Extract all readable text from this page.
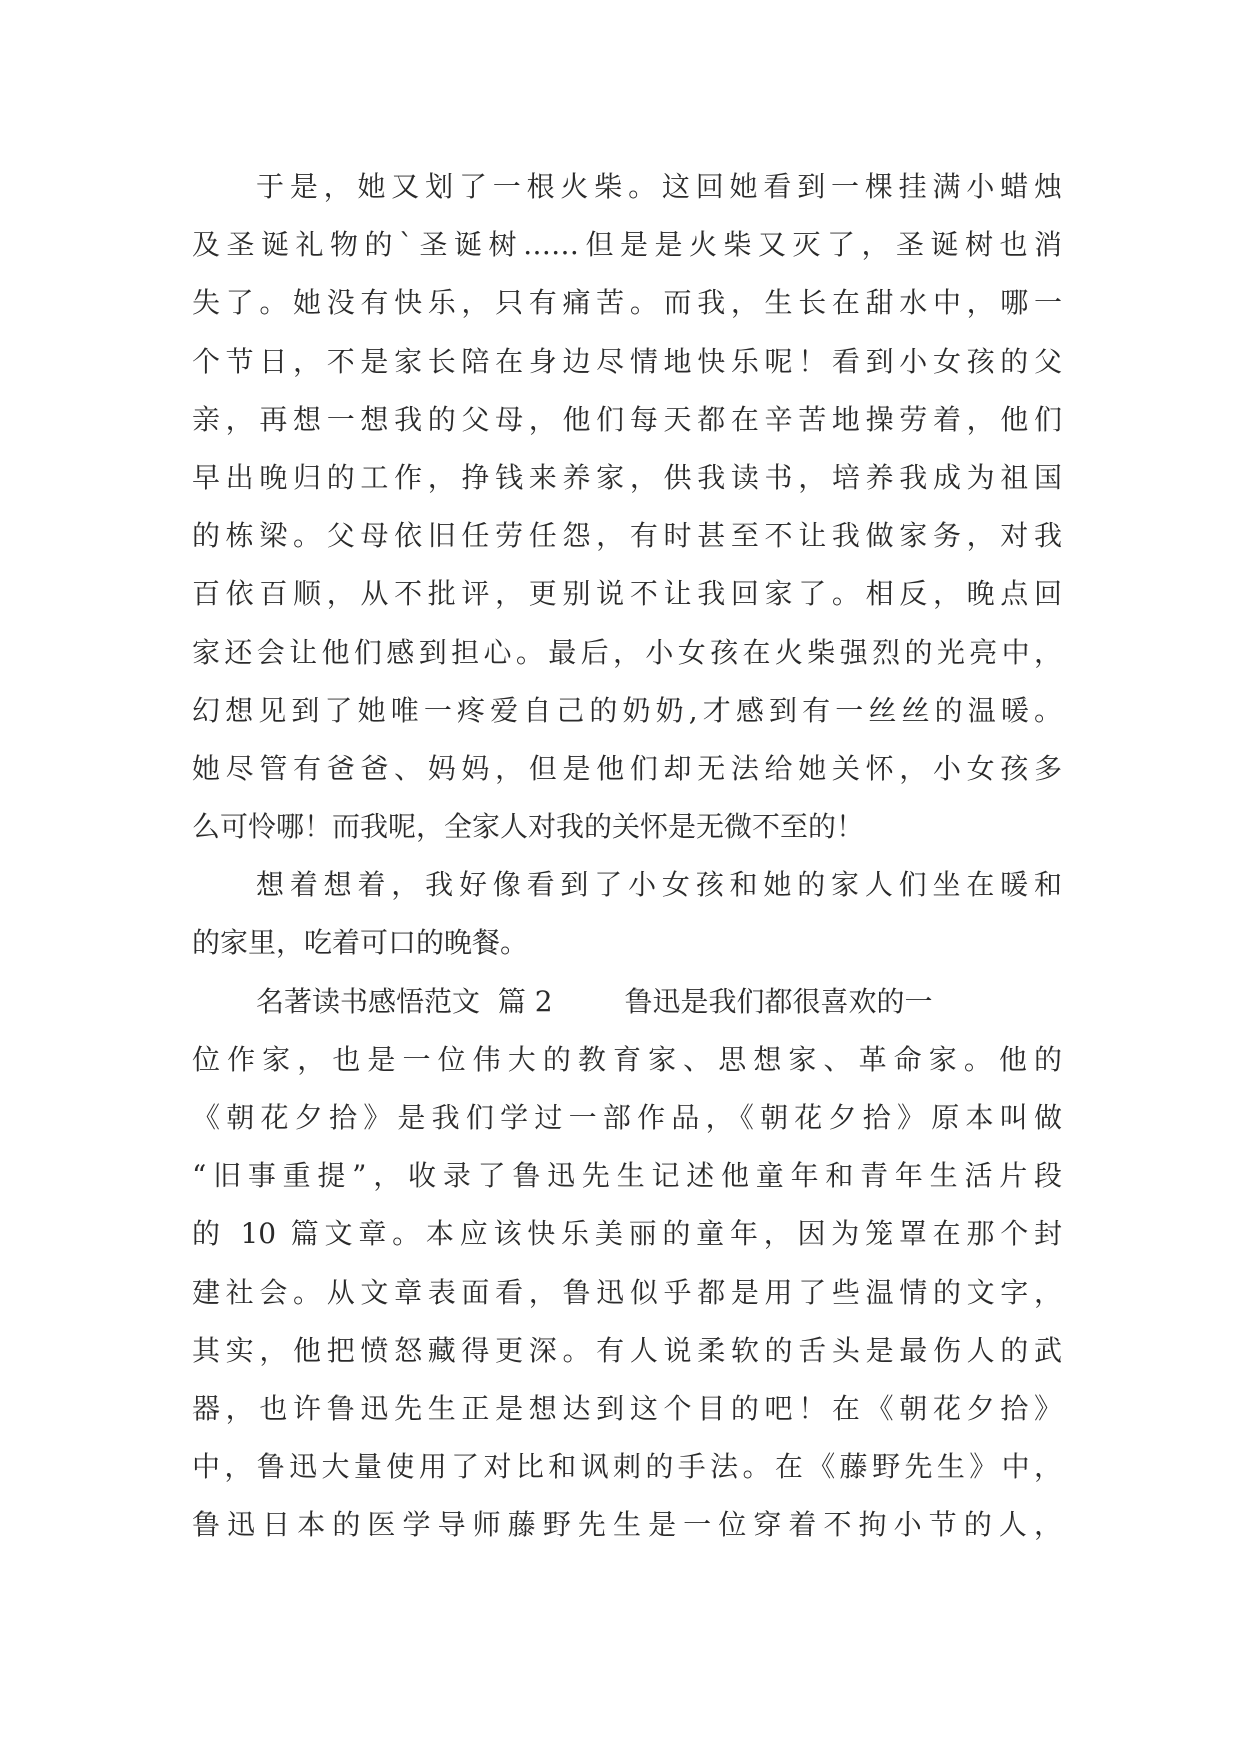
于是，她又划了一根火柴。这回她看到一棵挂满小蜡烛
及圣诞礼物的`圣诞树……但是是火柴又灭了，圣诞树也消
失了。她没有快乐，只有痛苦。而我，生长在甜水中，哪一
个节日，不是家长陪在身边尽情地快乐呢！看到小女孩的父
亲，再想一想我的父母，他们每天都在辛苦地操劳着，他们
早出晚归的工作，挣钱来养家，供我读书，培养我成为祖国
的栋梁。父母依旧任劳任怨，有时甚至不让我做家务，对我
百依百顺，从不批评，更别说不让我回家了。相反，晚点回
家还会让他们感到担心。最后，小女孩在火柴强烈的光亮中，
幻想见到了她唯一疼爱自己的奶奶,才感到有一丝丝的温暖。
她尽管有爸爸、妈妈，但是他们却无法给她关怀，小女孩多
么可怜哪！而我呢，全家人对我的关怀是无微不至的！
想着想着，我好像看到了小女孩和她的家人们坐在暖和
的家里，吃着可口的晚餐。
名著读书感悟范文 篇 2	鲁迅是我们都很喜欢的一
位作家，也是一位伟大的教育家、思想家、革命家。他的
《朝花夕拾》是我们学过一部作品，《朝花夕拾》原本叫做
“旧事重提”，收录了鲁迅先生记述他童年和青年生活片段
的 10 篇文章。本应该快乐美丽的童年，因为笼罩在那个封
建社会。从文章表面看，鲁迅似乎都是用了些温情的文字，
其实，他把愤怒藏得更深。有人说柔软的舌头是最伤人的武
器，也许鲁迅先生正是想达到这个目的吧！在《朝花夕拾》
中，鲁迅大量使用了对比和讽刺的手法。在《藤野先生》中，
鲁迅日本的医学导师藤野先生是一位穿着不拘小节的人，
